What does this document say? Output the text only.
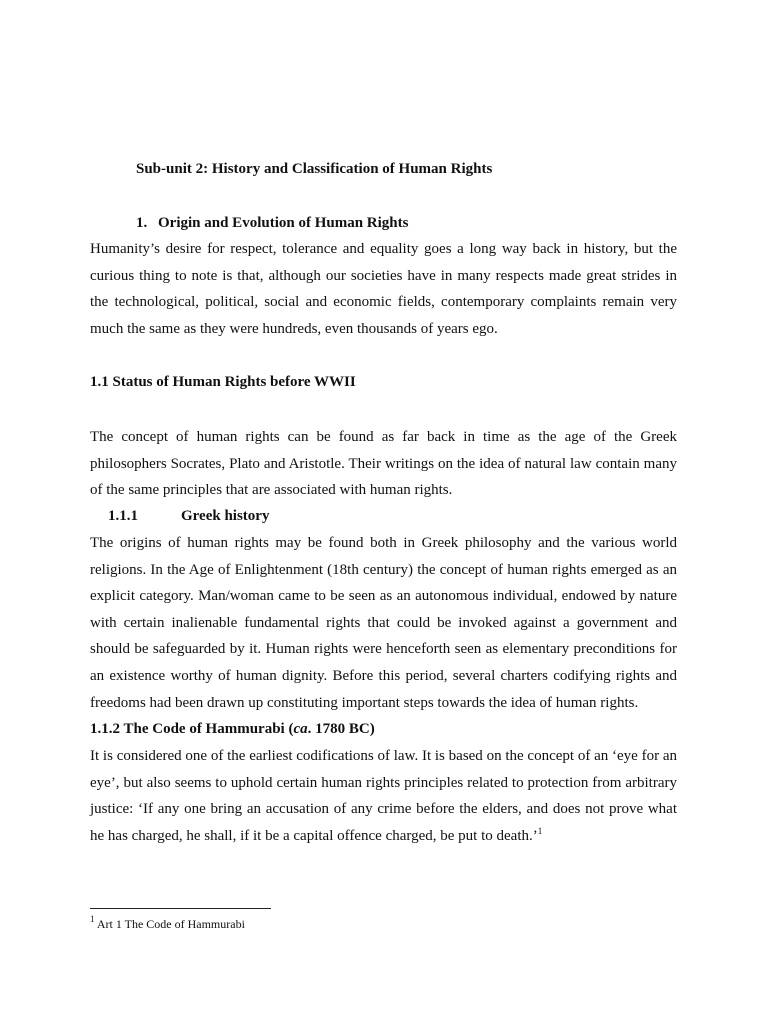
Sub-unit 2: History and Classification of Human Rights
1. Origin and Evolution of Human Rights

Humanity’s desire for respect, tolerance and equality goes a long way back in history, but the curious thing to note is that, although our societies have in many respects made great strides in the technological, political, social and economic fields, contemporary complaints remain very much the same as they were hundreds, even thousands of years ego.

1.1 Status of Human Rights before WWII

The concept of human rights can be found as far back in time as the age of the Greek philosophers Socrates, Plato and Aristotle. Their writings on the idea of natural law contain many of the same principles that are associated with human rights.

1.1.1	Greek history

The origins of human rights may be found both in Greek philosophy and the various world religions. In the Age of Enlightenment (18th century) the concept of human rights emerged as an explicit category. Man/woman came to be seen as an autonomous individual, endowed by nature with certain inalienable fundamental rights that could be invoked against a government and should be safeguarded by it. Human rights were henceforth seen as elementary preconditions for an existence worthy of human dignity. Before this period, several charters codifying rights and freedoms had been drawn up constituting important steps towards the idea of human rights.

1.1.2 The Code of Hammurabi (ca. 1780 BC)

It is considered one of the earliest codifications of law. It is based on the concept of an ‘eye for an eye’, but also seems to uphold certain human rights principles related to protection from arbitrary justice: ‘If any one bring an accusation of any crime before the elders, and does not prove what he has charged, he shall, if it be a capital offence charged, be put to death.’$^1$

$^1$ Art 1 The Code of Hammurabi
